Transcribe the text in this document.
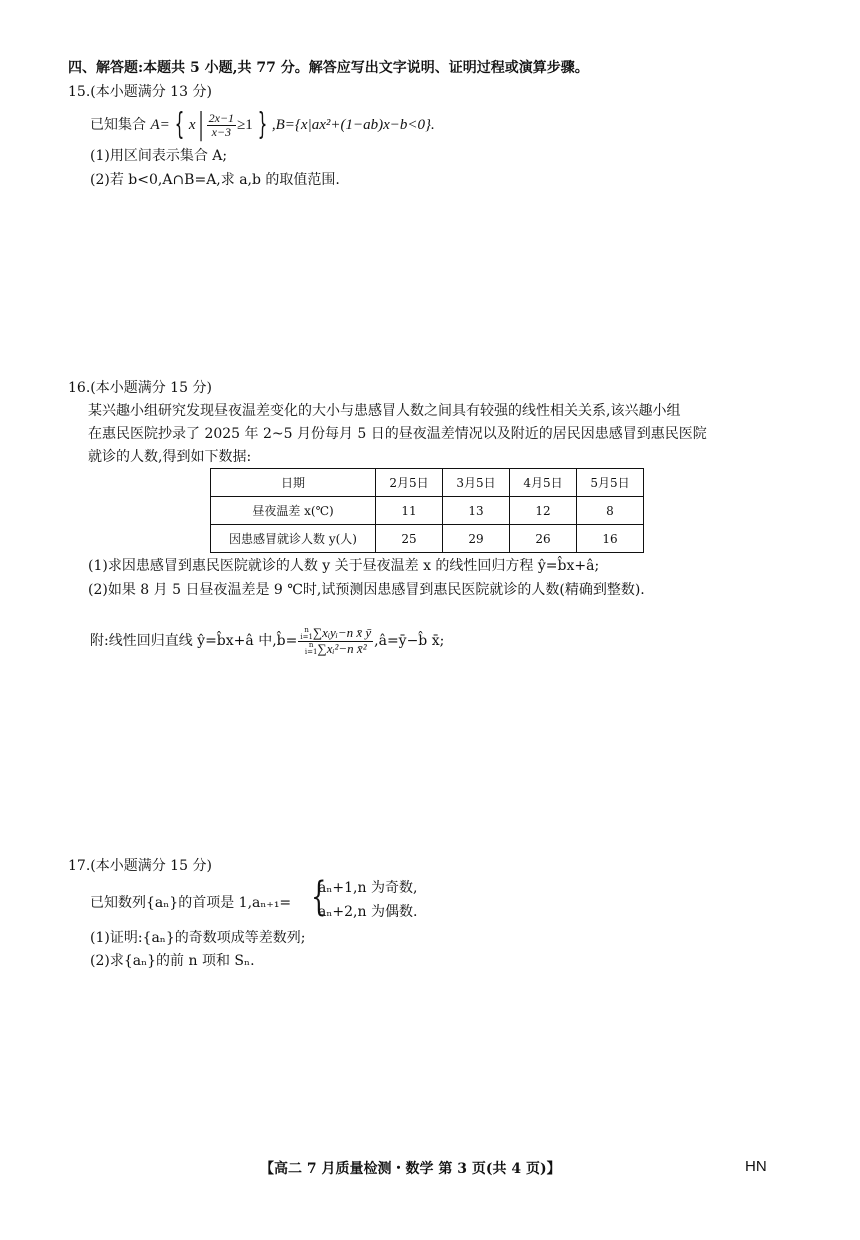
四、解答题:本题共 5 小题,共 77 分。解答应写出文字说明、证明过程或演算步骤。
15.(本小题满分 13 分)
已知集合 A= { $x| \frac{2x-1}{x-3} \ge 1$ } ,B={x|ax²+(1−ab)x−b<0}.
(1)用区间表示集合 A;
(2)若 b<0,A∩B=A,求 a,b 的取值范围.
16.(本小题满分 15 分)
某兴趣小组研究发现昼夜温差变化的大小与患感冒人数之间具有较强的线性相关关系,该兴趣小组
在惠民医院抄录了 2025 年 2~5 月份每月 5 日的昼夜温差情况以及附近的居民因患感冒到惠民医院
就诊的人数,得到如下数据:
日期	2月5日	3月5日	4月5日	5月5日
昼夜温差 x(℃)	11	13	12	8
因患感冒就诊人数 y(人)	25	29	26	16
(1)求因患感冒到惠民医院就诊的人数 y 关于昼夜温差 x 的线性回归方程 ŷ=b̂x+â;
(2)如果 8 月 5 日昼夜温差是 9 ℃时,试预测因患感冒到惠民医院就诊的人数(精确到整数).
附:线性回归直线 ŷ=b̂x+â 中,b̂= n
i=1 ∑xᵢyᵢ−n x̄ ȳ
n
i=1 ∑xᵢ²−n x̄² ,â=ȳ−b̂ x̄;
17.(本小题满分 15 分)
已知数列{aₙ}的首项是 1,aₙ₊₁= {
aₙ+1,n 为奇数,
aₙ+2,n 为偶数.
(1)证明:{aₙ}的奇数项成等差数列;
(2)求{aₙ}的前 n 项和 Sₙ.
【高二 7 月质量检测・数学 第 3 页(共 4 页)】	HN
